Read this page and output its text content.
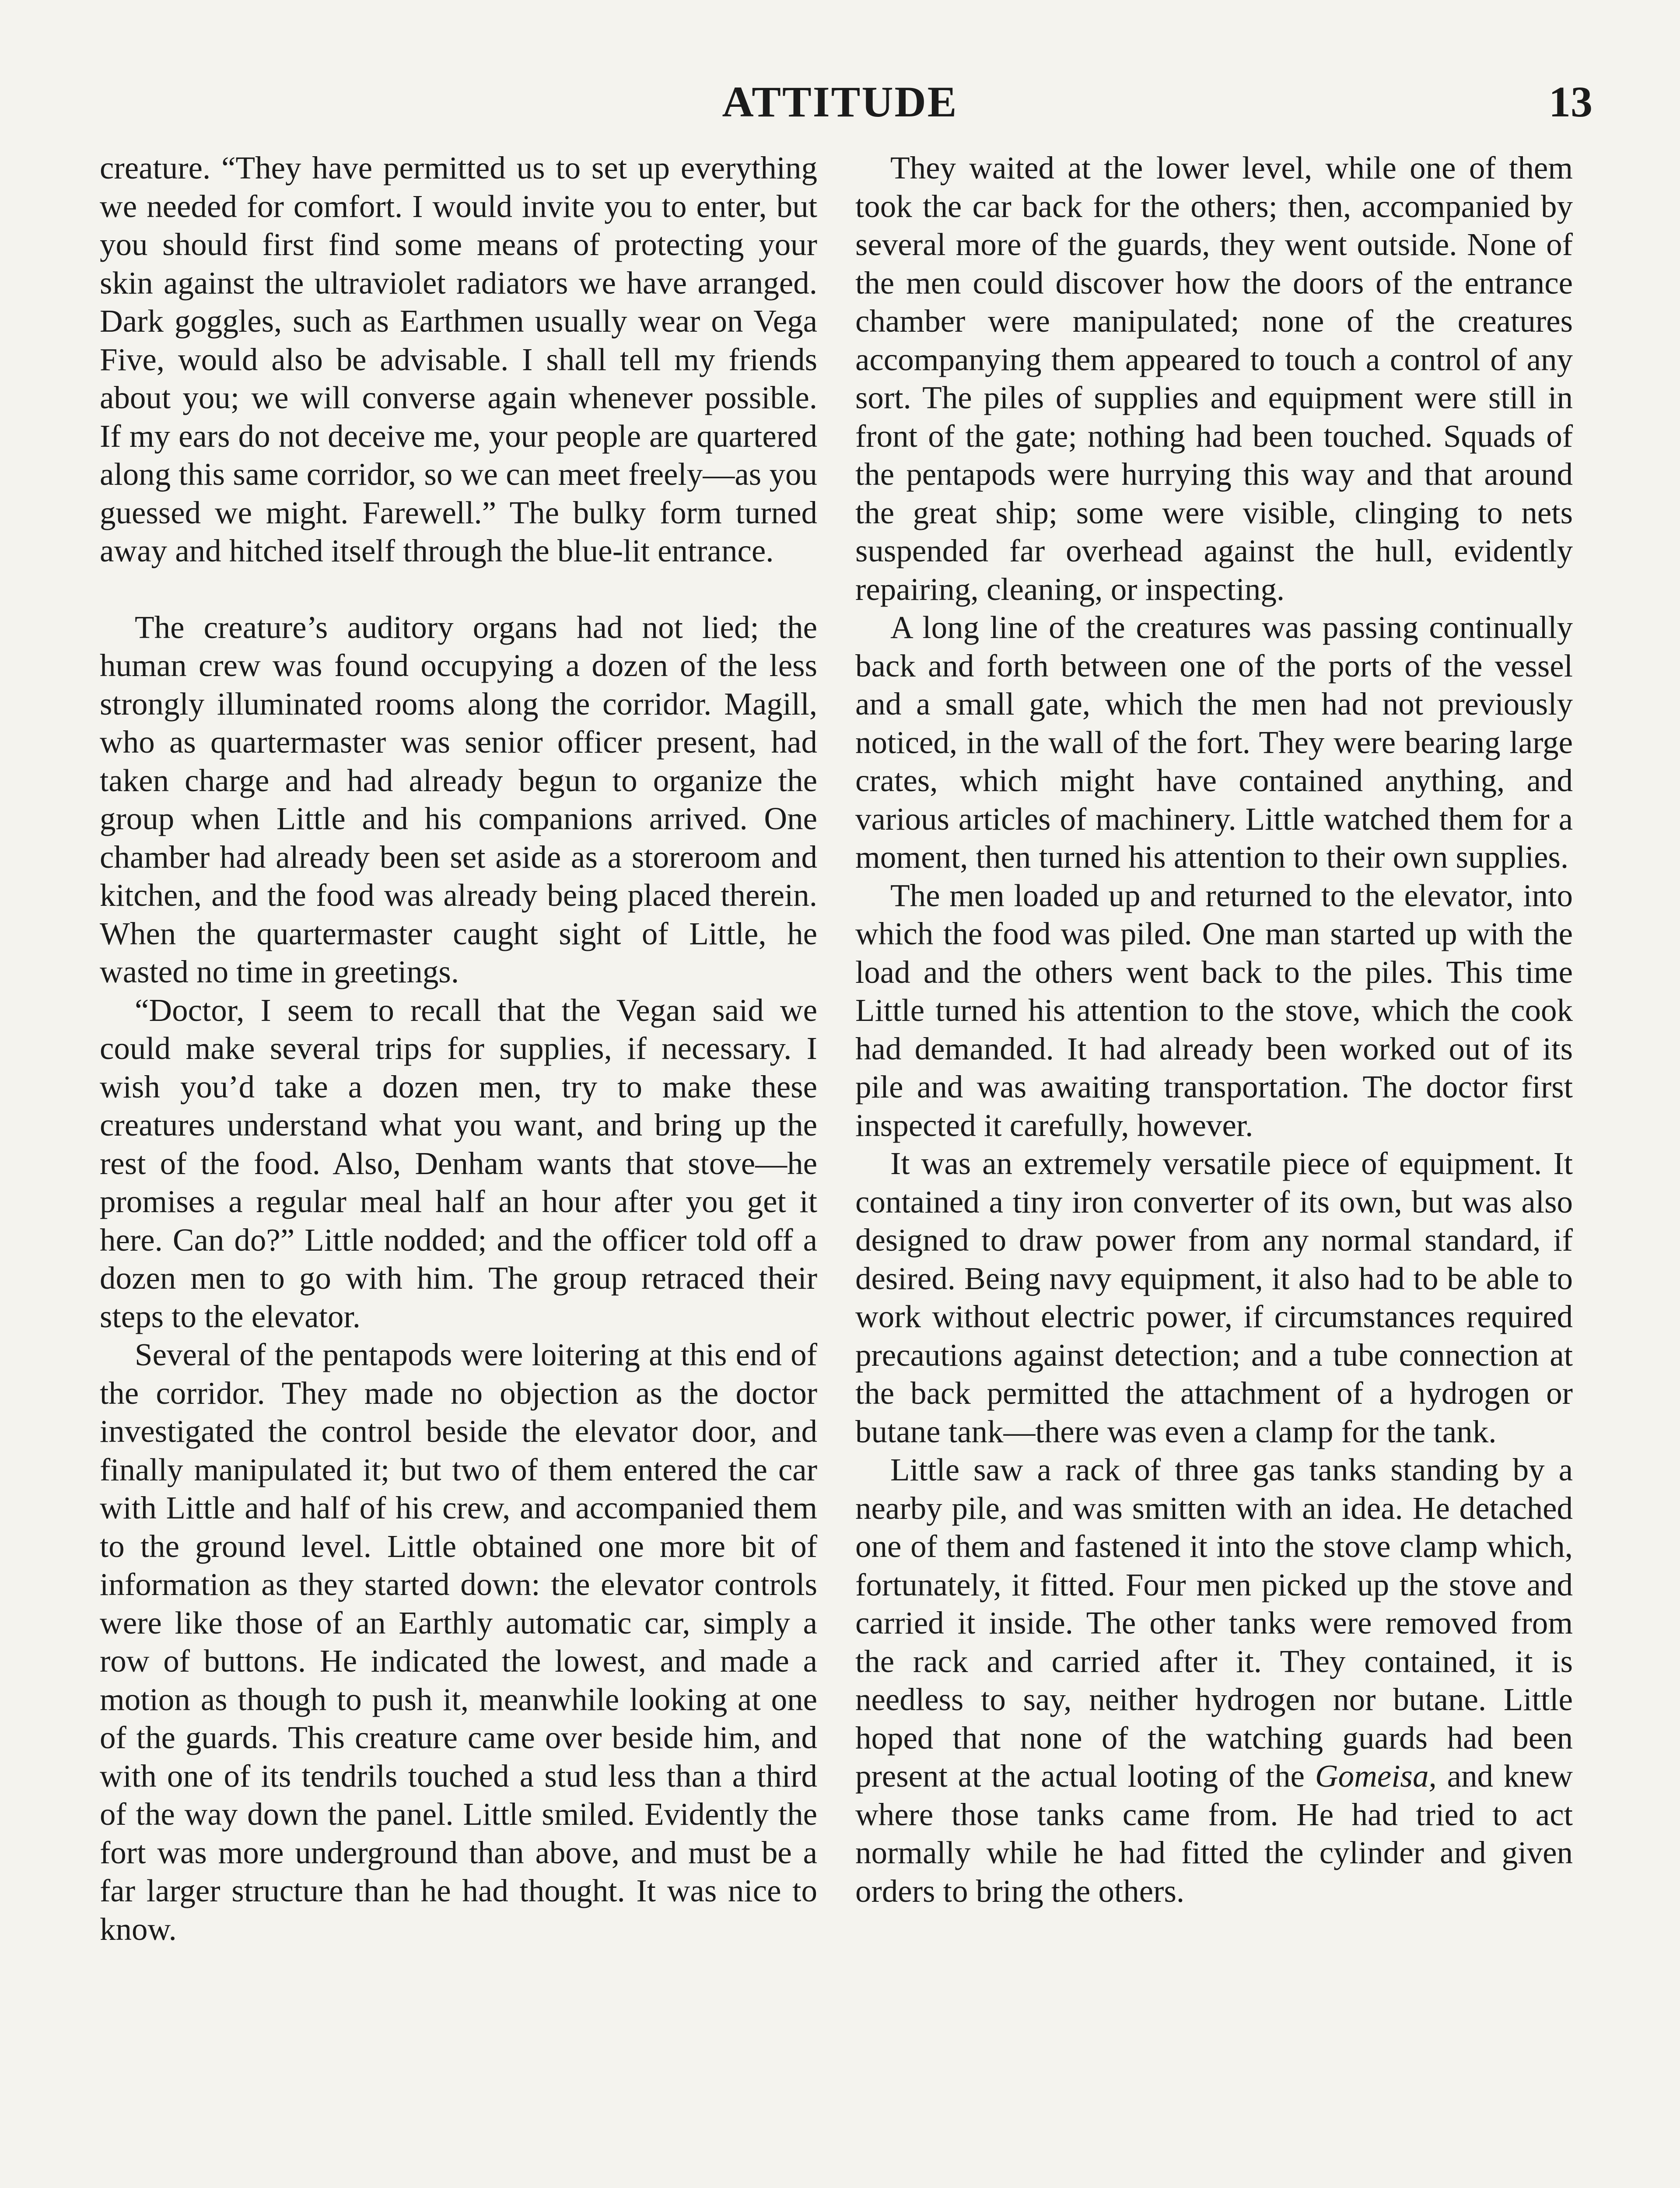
ATTITUDE	13

creature. “They have permitted us to set up everything we needed for comfort. I would invite you to enter, but you should first find some means of protecting your skin against the ultraviolet radiators we have arranged. Dark goggles, such as Earthmen usually wear on Vega Five, would also be advisable. I shall tell my friends about you; we will converse again whenever possible. If my ears do not deceive me, your people are quartered along this same corridor, so we can meet freely—as you guessed we might. Farewell.” The bulky form turned away and hitched itself through the blue-lit entrance.

The creature’s auditory organs had not lied; the human crew was found occupying a dozen of the less strongly illuminated rooms along the corridor. Magill, who as quartermaster was senior officer present, had taken charge and had already begun to organize the group when Little and his companions arrived. One chamber had already been set aside as a storeroom and kitchen, and the food was already being placed therein. When the quartermaster caught sight of Little, he wasted no time in greetings.

“Doctor, I seem to recall that the Vegan said we could make several trips for supplies, if necessary. I wish you’d take a dozen men, try to make these creatures understand what you want, and bring up the rest of the food. Also, Denham wants that stove—he promises a regular meal half an hour after you get it here. Can do?” Little nodded; and the officer told off a dozen men to go with him. The group retraced their steps to the elevator.

Several of the pentapods were loitering at this end of the corridor. They made no objection as the doctor investigated the control beside the elevator door, and finally manipulated it; but two of them entered the car with Little and half of his crew, and accompanied them to the ground level. Little obtained one more bit of information as they started down: the elevator controls were like those of an Earthly automatic car, simply a row of buttons. He indicated the lowest, and made a motion as though to push it, meanwhile looking at one of the guards. This creature came over beside him, and with one of its tendrils touched a stud less than a third of the way down the panel. Little smiled. Evidently the fort was more underground than above, and must be a far larger structure than he had thought. It was nice to know.

They waited at the lower level, while one of them took the car back for the others; then, accompanied by several more of the guards, they went outside. None of the men could discover how the doors of the entrance chamber were manipulated; none of the creatures accompanying them appeared to touch a control of any sort. The piles of supplies and equipment were still in front of the gate; nothing had been touched. Squads of the pentapods were hurrying this way and that around the great ship; some were visible, clinging to nets suspended far overhead against the hull, evidently repairing, cleaning, or inspecting.

A long line of the creatures was passing continually back and forth between one of the ports of the vessel and a small gate, which the men had not previously noticed, in the wall of the fort. They were bearing large crates, which might have contained anything, and various articles of machinery. Little watched them for a moment, then turned his attention to their own supplies.

The men loaded up and returned to the elevator, into which the food was piled. One man started up with the load and the others went back to the piles. This time Little turned his attention to the stove, which the cook had demanded. It had already been worked out of its pile and was awaiting transportation. The doctor first inspected it carefully, however.

It was an extremely versatile piece of equipment. It contained a tiny iron converter of its own, but was also designed to draw power from any normal standard, if desired. Being navy equipment, it also had to be able to work without electric power, if circumstances required precautions against detection; and a tube connection at the back permitted the attachment of a hydrogen or butane tank—there was even a clamp for the tank.

Little saw a rack of three gas tanks standing by a nearby pile, and was smitten with an idea. He detached one of them and fastened it into the stove clamp which, fortunately, it fitted. Four men picked up the stove and carried it inside. The other tanks were removed from the rack and carried after it. They contained, it is needless to say, neither hydrogen nor butane. Little hoped that none of the watching guards had been present at the actual looting of the Gomeisa, and knew where those tanks came from. He had tried to act normally while he had fitted the cylinder and given orders to bring the others.
